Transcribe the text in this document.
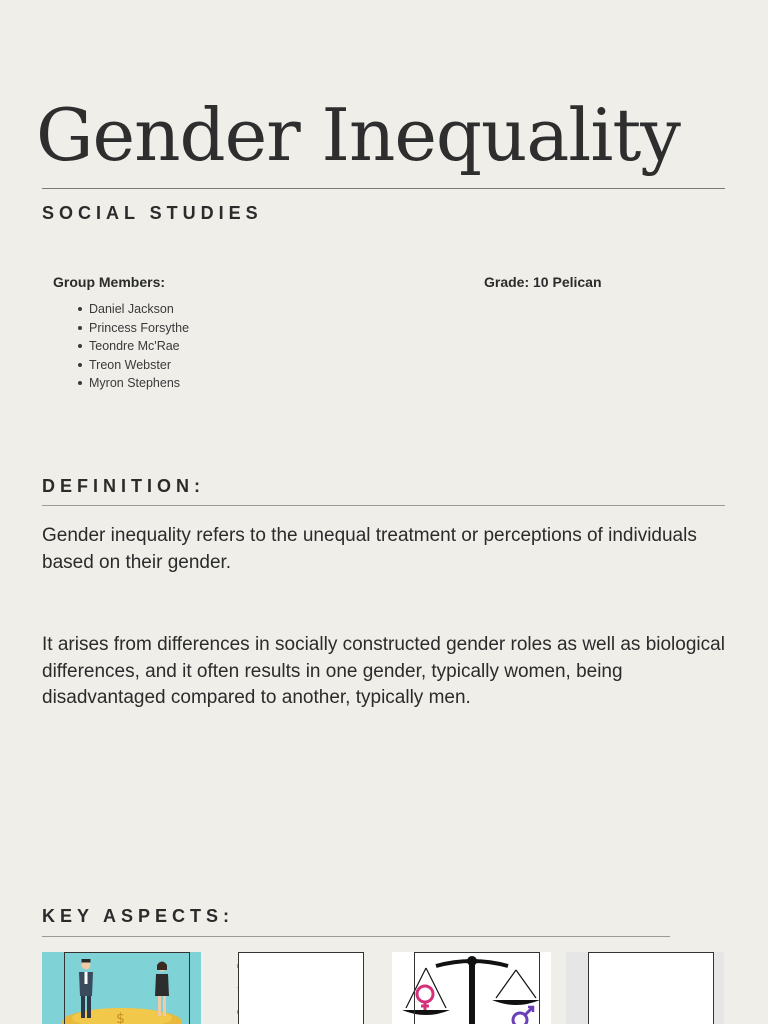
Gender Inequality
SOCIAL STUDIES
Group Members:
Daniel Jackson
Princess Forsythe
Teondre Mc'Rae
Treon Webster
Myron Stephens
Grade: 10 Pelican
DEFINITION:

Gender inequality refers to the unequal treatment or perceptions of individuals based on their gender.

It arises from differences in socially constructed gender roles as well as biological differences, and it often results in one gender, typically women, being disadvantaged compared to another, typically men.

KEY ASPECTS:
$
